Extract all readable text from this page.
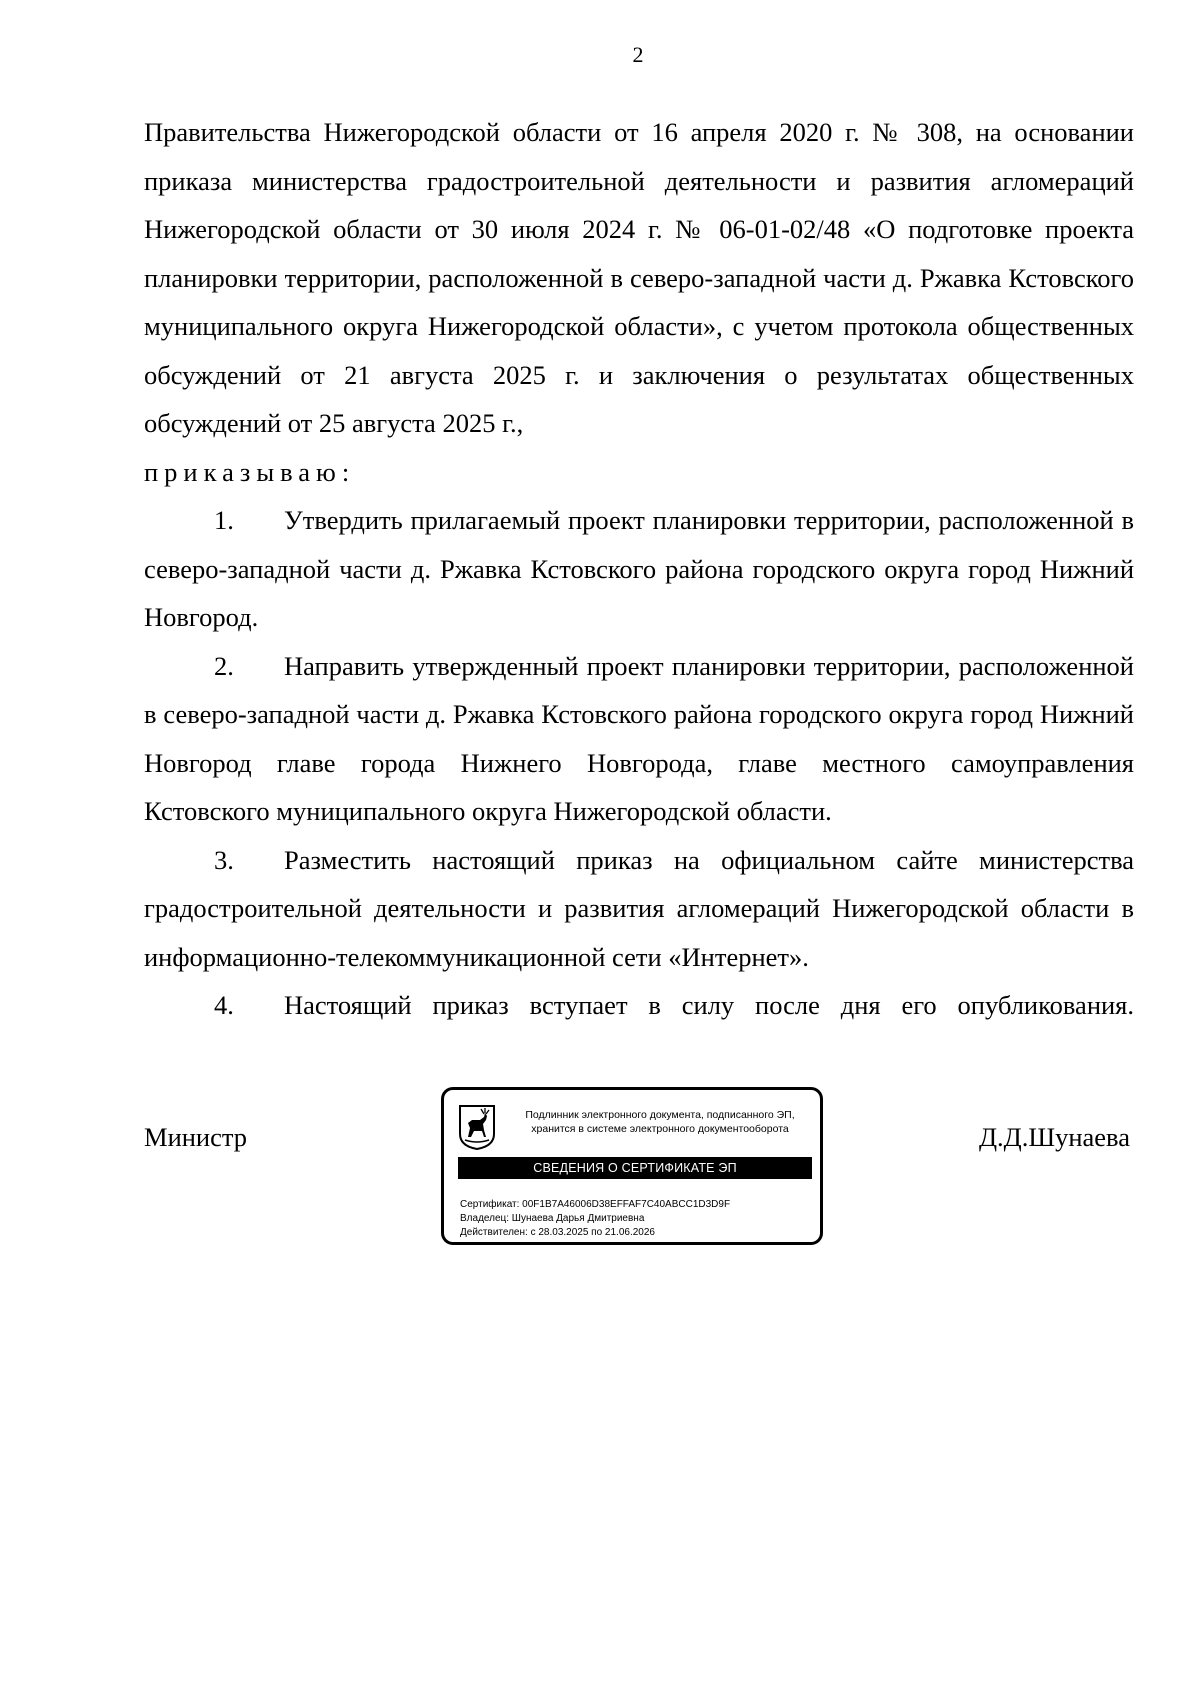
2

Правительства Нижегородской области от 16 апреля 2020 г. № 308, на основании приказа министерства градостроительной деятельности и развития агломераций Нижегородской области от 30 июля 2024 г. № 06-01-02/48 «О подготовке проекта планировки территории, расположенной в северо-западной части д. Ржавка Кстовского муниципального округа Нижегородской области», с учетом протокола общественных обсуждений от 21 августа 2025 г. и заключения о результатах общественных обсуждений от 25 августа 2025 г.,

приказываю:

1. Утвердить прилагаемый проект планировки территории, расположенной в северо-западной части д. Ржавка Кстовского района городского округа город Нижний Новгород.

2. Направить утвержденный проект планировки территории, расположенной в северо-западной части д. Ржавка Кстовского района городского округа город Нижний Новгород главе города Нижнего Новгорода, главе местного самоуправления Кстовского муниципального округа Нижегородской области.

3. Разместить настоящий приказ на официальном сайте министерства градостроительной деятельности и развития агломераций Нижегородской области в информационно-телекоммуникационной сети «Интернет».

4. Настоящий приказ вступает в силу после дня его опубликования.

Министр	Д.Д.Шунаева
Подлинник электронного документа, подписанного ЭП,
хранится в системе электронного документооборота
СВЕДЕНИЯ О СЕРТИФИКАТЕ ЭП
Сертификат: 00F1B7A46006D38EFFAF7C40ABCC1D3D9F
Владелец: Шунаева Дарья Дмитриевна
Действителен: с 28.03.2025 по 21.06.2026
